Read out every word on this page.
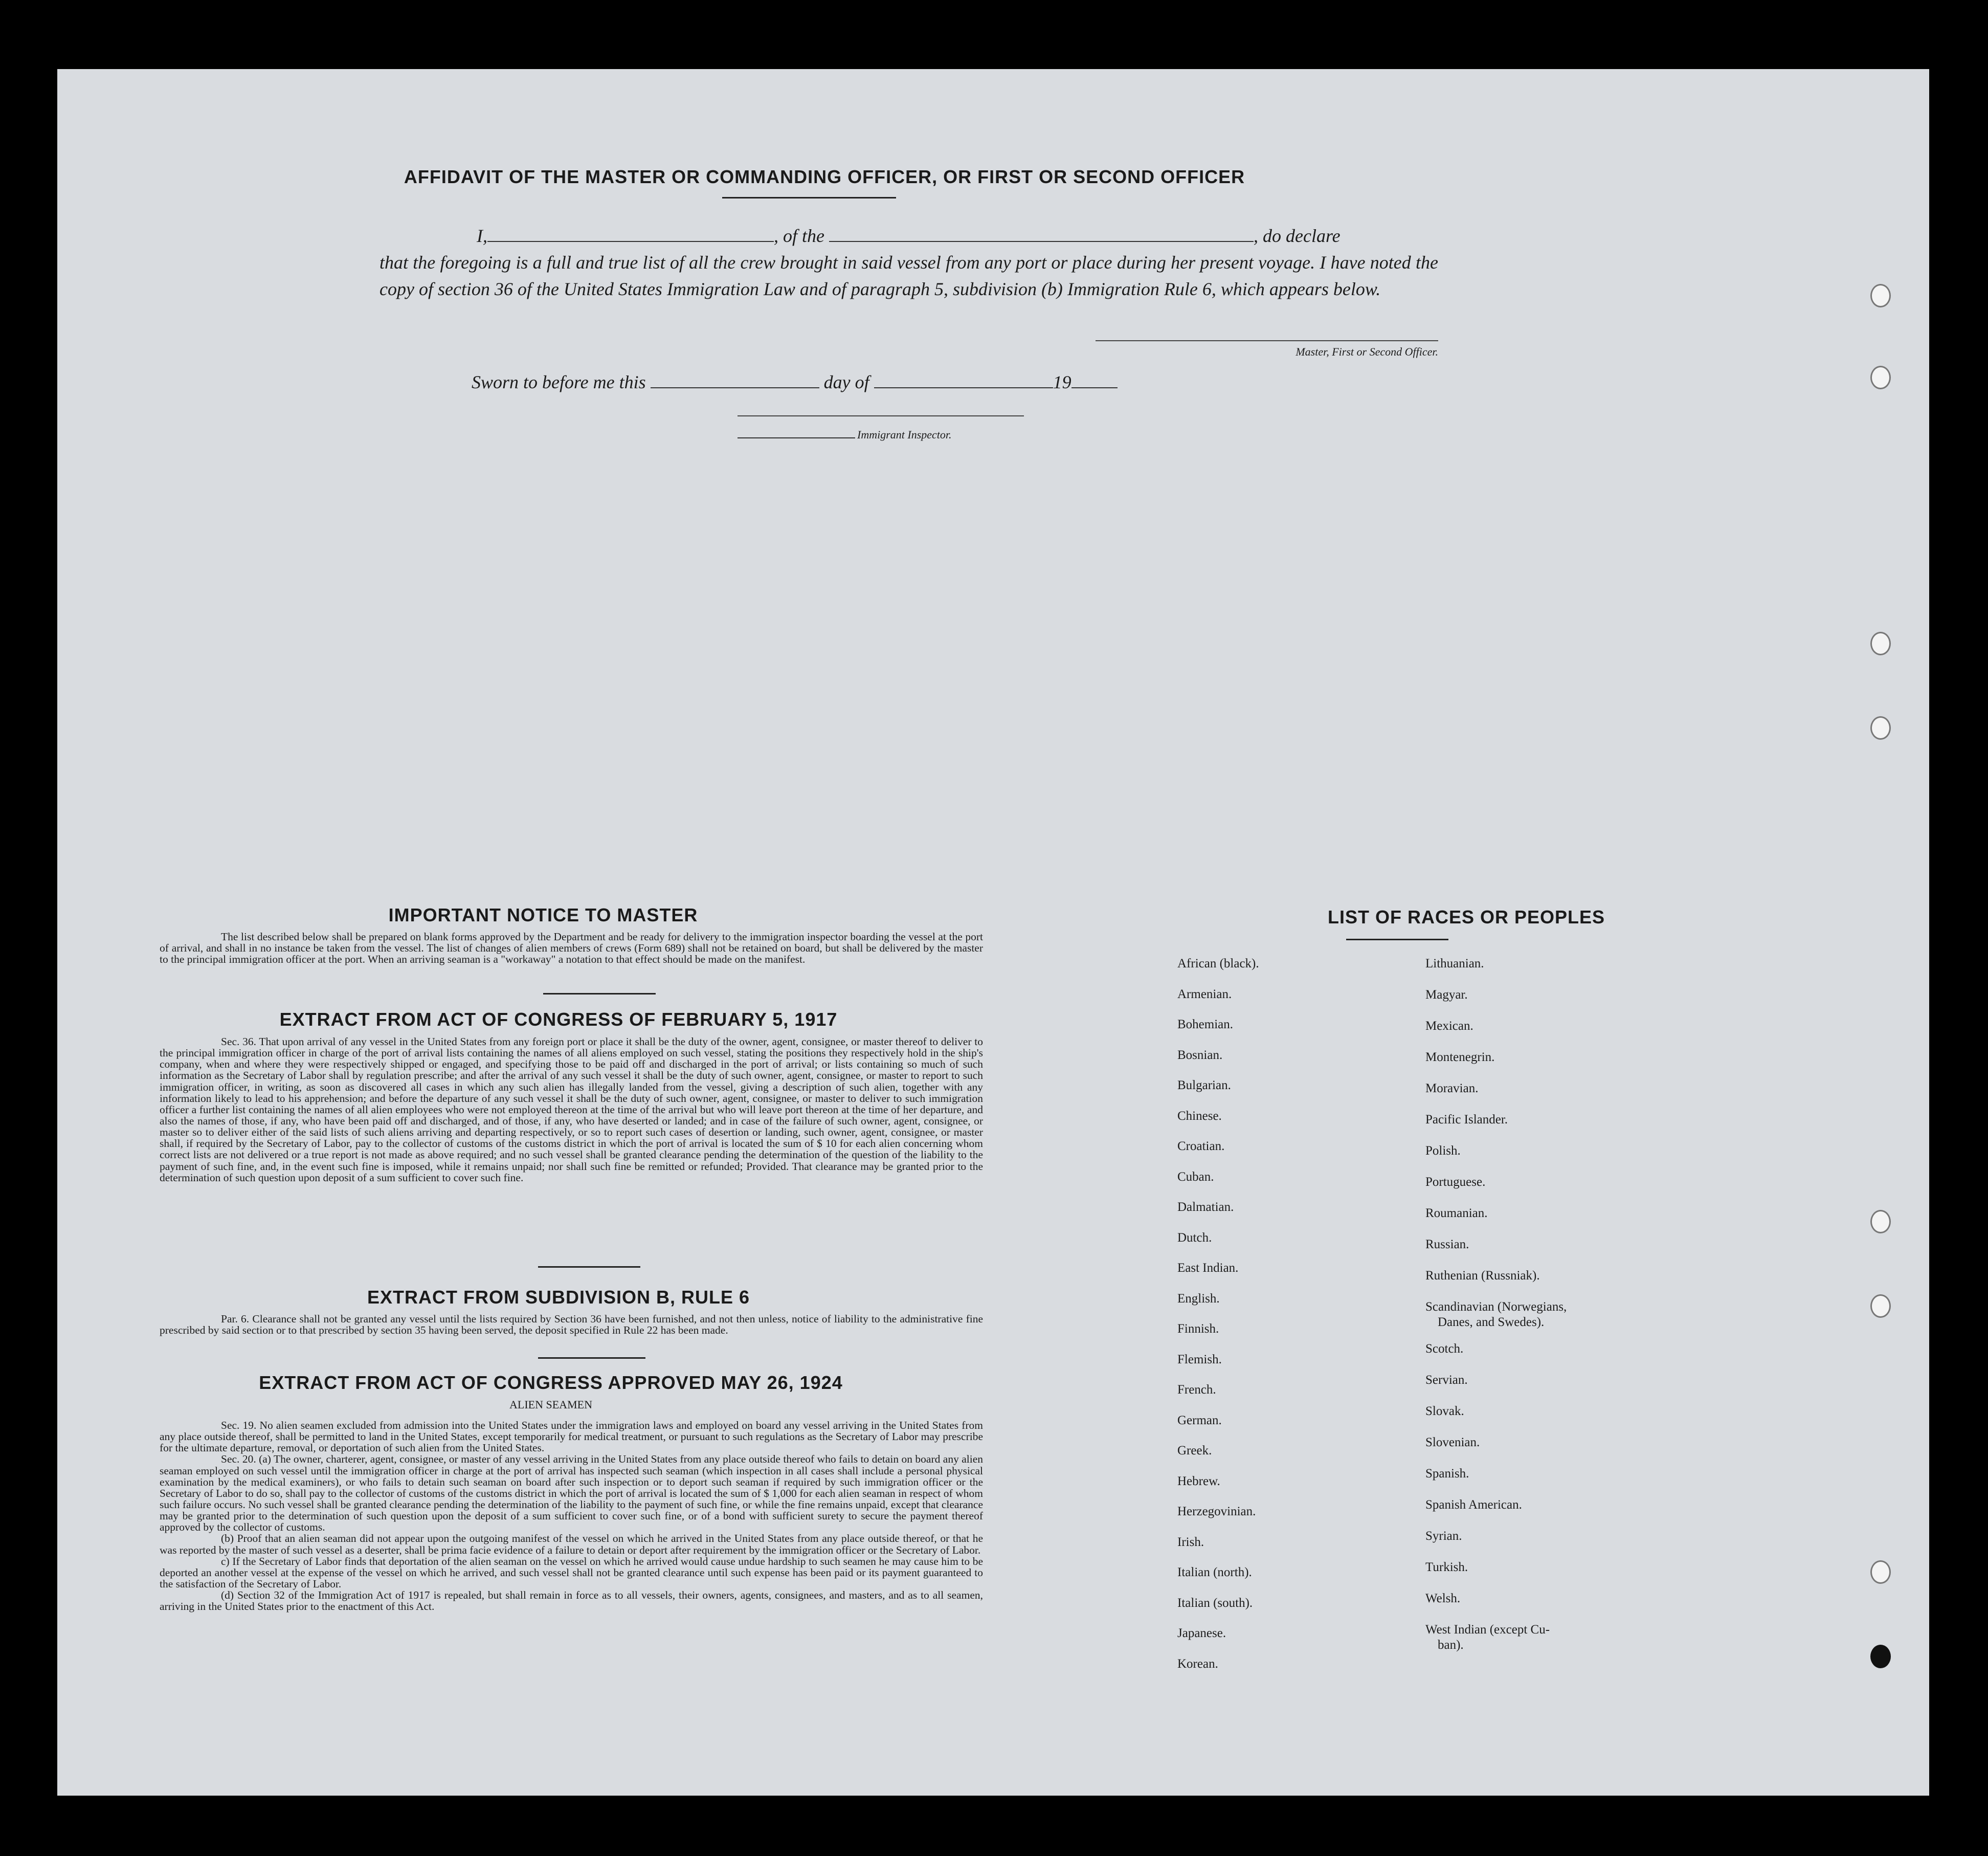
AFFIDAVIT OF THE MASTER OR COMMANDING OFFICER, OR FIRST OR SECOND OFFICER
I,	, of the	, do declare
that the foregoing is a full and true list of all the crew brought in said vessel from any port or place during her present voyage. I have noted the copy of section 36 of the United States Immigration Law and of paragraph 5, subdivision (b) Immigration Rule 6, which appears below.
Master, First or Second Officer.
Sworn to before me this	day of	19
Immigrant Inspector.
IMPORTANT NOTICE TO MASTER
The list described below shall be prepared on blank forms approved by the Department and be ready for delivery to the immigration inspector boarding the vessel at the port of arrival, and shall in no instance be taken from the vessel. The list of changes of alien members of crews (Form 689) shall not be retained on board, but shall be delivered by the master to the principal immigration officer at the port. When an arriving seaman is a "workaway" a notation to that effect should be made on the manifest.
EXTRACT FROM ACT OF CONGRESS OF FEBRUARY 5, 1917
Sec. 36. That upon arrival of any vessel in the United States from any foreign port or place it shall be the duty of the owner, agent, consignee, or master thereof to deliver to the principal immigration officer in charge of the port of arrival lists containing the names of all aliens employed on such vessel, stating the positions they respectively hold in the ship's company, when and where they were respectively shipped or engaged, and specifying those to be paid off and discharged in the port of arrival; or lists containing so much of such information as the Secretary of Labor shall by regulation prescribe; and after the arrival of any such vessel it shall be the duty of such owner, agent, consignee, or master to report to such immigration officer, in writing, as soon as discovered all cases in which any such alien has illegally landed from the vessel, giving a description of such alien, together with any information likely to lead to his apprehension; and before the departure of any such vessel it shall be the duty of such owner, agent, consignee, or master to deliver to such immigration officer a further list containing the names of all alien employees who were not employed thereon at the time of the arrival but who will leave port thereon at the time of her departure, and also the names of those, if any, who have been paid off and discharged, and of those, if any, who have deserted or landed; and in case of the failure of such owner, agent, consignee, or master so to deliver either of the said lists of such aliens arriving and departing respectively, or so to report such cases of desertion or landing, such owner, agent, consignee, or master shall, if required by the Secretary of Labor, pay to the collector of customs of the customs district in which the port of arrival is located the sum of $ 10 for each alien concerning whom correct lists are not delivered or a true report is not made as above required; and no such vessel shall be granted clearance pending the determination of the question of the liability to the payment of such fine, and, in the event such fine is imposed, while it remains unpaid; nor shall such fine be remitted or refunded; Provided. That clearance may be granted prior to the determination of such question upon deposit of a sum sufficient to cover such fine.
EXTRACT FROM SUBDIVISION B, RULE 6
Par. 6. Clearance shall not be granted any vessel until the lists required by Section 36 have been furnished, and not then unless, notice of liability to the administrative fine prescribed by said section or to that prescribed by section 35 having been served, the deposit specified in Rule 22 has been made.
EXTRACT FROM ACT OF CONGRESS APPROVED MAY 26, 1924
ALIEN SEAMEN
Sec. 19. No alien seamen excluded from admission into the United States under the immigration laws and employed on board any vessel arriving in the United States from any place outside thereof, shall be permitted to land in the United States, except temporarily for medical treatment, or pursuant to such regulations as the Secretary of Labor may prescribe for the ultimate departure, removal, or deportation of such alien from the United States.
Sec. 20. (a) The owner, charterer, agent, consignee, or master of any vessel arriving in the United States from any place outside thereof who fails to detain on board any alien seaman employed on such vessel until the immigration officer in charge at the port of arrival has inspected such seaman (which inspection in all cases shall include a personal physical examination by the medical examiners), or who fails to detain such seaman on board after such inspection or to deport such seaman if required by such immigration officer or the Secretary of Labor to do so, shall pay to the collector of customs of the customs district in which the port of arrival is located the sum of $ 1,000 for each alien seaman in respect of whom such failure occurs. No such vessel shall be granted clearance pending the determination of the liability to the payment of such fine, or while the fine remains unpaid, except that clearance may be granted prior to the determination of such question upon the deposit of a sum sufficient to cover such fine, or of a bond with sufficient surety to secure the payment thereof approved by the collector of customs.
(b) Proof that an alien seaman did not appear upon the outgoing manifest of the vessel on which he arrived in the United States from any place outside thereof, or that he was reported by the master of such vessel as a deserter, shall be prima facie evidence of a failure to detain or deport after requirement by the immigration officer or the Secretary of Labor.
c) If the Secretary of Labor finds that deportation of the alien seaman on the vessel on which he arrived would cause undue hardship to such seamen he may cause him to be deported an another vessel at the expense of the vessel on which he arrived, and such vessel shall not be granted clearance until such expense has been paid or its payment guaranteed to the satisfaction of the Secretary of Labor.
(d) Section 32 of the Immigration Act of 1917 is repealed, but shall remain in force as to all vessels, their owners, agents, consignees, and masters, and as to all seamen, arriving in the United States prior to the enactment of this Act.
LIST OF RACES OR PEOPLES
African (black).
Armenian.
Bohemian.
Bosnian.
Bulgarian.
Chinese.
Croatian.
Cuban.
Dalmatian.
Dutch.
East Indian.
English.
Finnish.
Flemish.
French.
German.
Greek.
Hebrew.
Herzegovinian.
Irish.
Italian (north).
Italian (south).
Japanese.
Korean.
Lithuanian.
Magyar.
Mexican.
Montenegrin.
Moravian.
Pacific Islander.
Polish.
Portuguese.
Roumanian.
Russian.
Ruthenian (Russniak).
Scandinavian (Norwegians,
Danes, and Swedes).
Scotch.
Servian.
Slovak.
Slovenian.
Spanish.
Spanish American.
Syrian.
Turkish.
Welsh.
West Indian (except Cu-
ban).
